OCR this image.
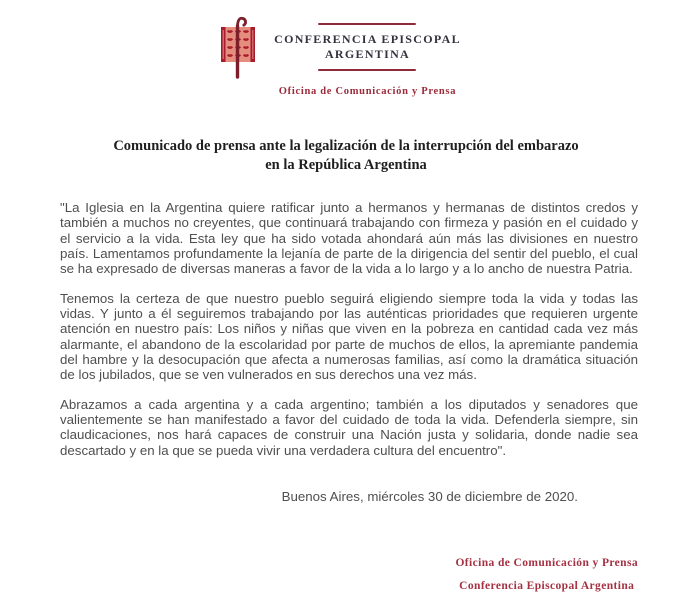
CONFERENCIA EPISCOPAL
ARGENTINA
Oficina de Comunicación y Prensa
Comunicado de prensa ante la legalización de la interrupción del embarazo
en la República Argentina

"La Iglesia en la Argentina quiere ratificar junto a hermanos y hermanas de distintos credos y también a muchos no creyentes, que continuará trabajando con firmeza y pasión en el cuidado y el servicio a la vida. Esta ley que ha sido votada ahondará aún más las divisiones en nuestro país. Lamentamos profundamente la lejanía de parte de la dirigencia del sentir del pueblo, el cual se ha expresado de diversas maneras a favor de la vida a lo largo y a lo ancho de nuestra Patria.

Tenemos la certeza de que nuestro pueblo seguirá eligiendo siempre toda la vida y todas las vidas. Y junto a él seguiremos trabajando por las auténticas prioridades que requieren urgente atención en nuestro país: Los niños y niñas que viven en la pobreza en cantidad cada vez más alarmante, el abandono de la escolaridad por parte de muchos de ellos, la apremiante pandemia del hambre y la desocupación que afecta a numerosas familias, así como la dramática situación de los jubilados, que se ven vulnerados en sus derechos una vez más.

Abrazamos a cada argentina y a cada argentino; también a los diputados y senadores que valientemente se han manifestado a favor del cuidado de toda la vida. Defenderla siempre, sin claudicaciones, nos hará capaces de construir una Nación justa y solidaria, donde nadie sea descartado y en la que se pueda vivir una verdadera cultura del encuentro".

Buenos Aires, miércoles 30 de diciembre de 2020.
Oficina de Comunicación y Prensa
Conferencia Episcopal Argentina
